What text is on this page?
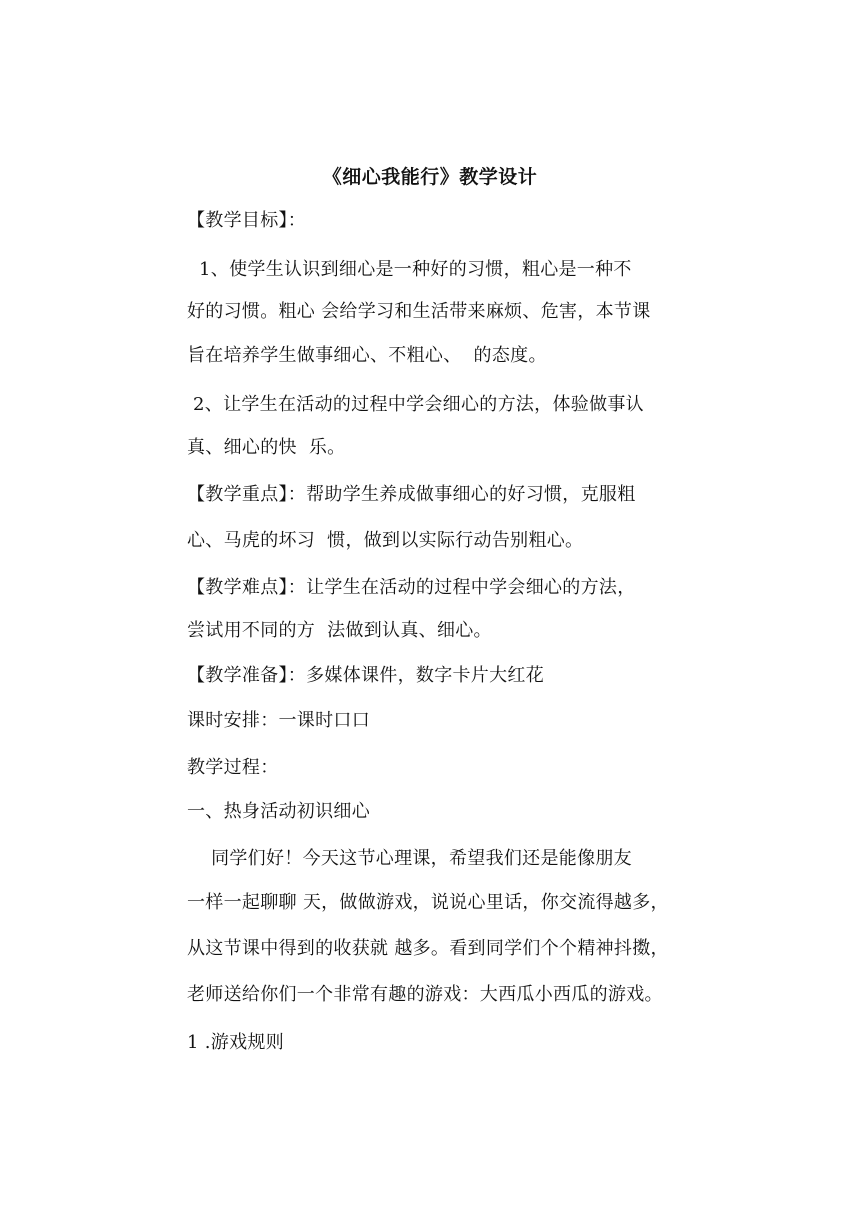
《细心我能行》教学设计
【教学目标】：
1、使学生认识到细心是一种好的习惯，粗心是一种不
好的习惯。粗心 会给学习和生活带来麻烦、危害，本节课
旨在培养学生做事细心、不粗心、  的态度。
2、让学生在活动的过程中学会细心的方法，体验做事认
真、细心的快  乐。
【教学重点】：帮助学生养成做事细心的好习惯，克服粗
心、马虎的坏习  惯，做到以实际行动告别粗心。
【教学难点】：让学生在活动的过程中学会细心的方法，
尝试用不同的方  法做到认真、细心。
【教学准备】：多媒体课件，数字卡片大红花
课时安排：一课时口口
教学过程：
一、热身活动初识细心
同学们好！今天这节心理课，希望我们还是能像朋友
一样一起聊聊 天，做做游戏，说说心里话，你交流得越多，
从这节课中得到的收获就 越多。看到同学们个个精神抖擞，
老师送给你们一个非常有趣的游戏：大西瓜小西瓜的游戏。
1 .游戏规则
